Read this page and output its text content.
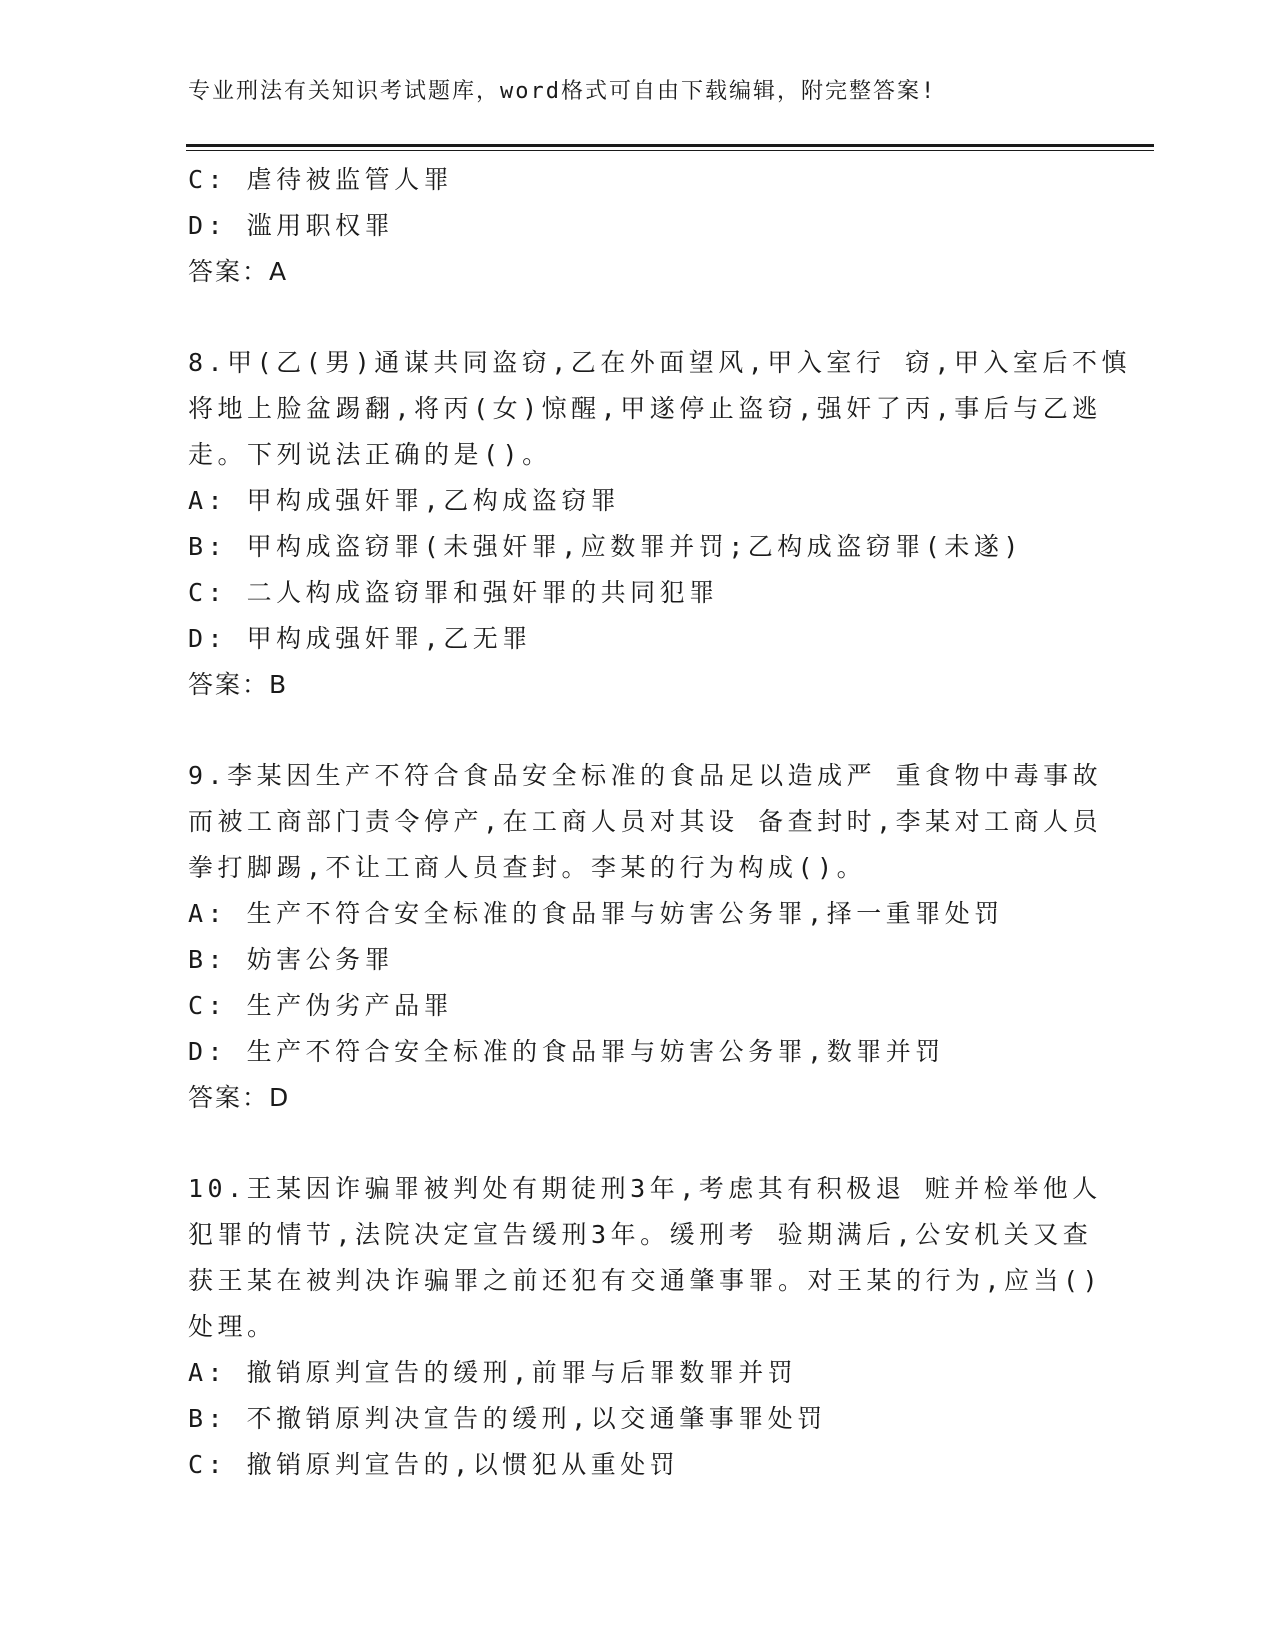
专业刑法有关知识考试题库，word格式可自由下载编辑，附完整答案!
C: 虐待被监管人罪
D: 滥用职权罪
答案：A
8.甲(乙(男)通谋共同盗窃,乙在外面望风,甲入室行 窃,甲入室后不慎
将地上脸盆踢翻,将丙(女)惊醒,甲遂停止盗窃,强奸了丙,事后与乙逃
走。下列说法正确的是()。
A: 甲构成强奸罪,乙构成盗窃罪
B: 甲构成盗窃罪(未强奸罪,应数罪并罚;乙构成盗窃罪(未遂)
C: 二人构成盗窃罪和强奸罪的共同犯罪
D: 甲构成强奸罪,乙无罪
答案：B
9.李某因生产不符合食品安全标准的食品足以造成严 重食物中毒事故
而被工商部门责令停产,在工商人员对其设 备查封时,李某对工商人员
拳打脚踢,不让工商人员查封。李某的行为构成()。
A: 生产不符合安全标准的食品罪与妨害公务罪,择一重罪处罚
B: 妨害公务罪
C: 生产伪劣产品罪
D: 生产不符合安全标准的食品罪与妨害公务罪,数罪并罚
答案：D
10.王某因诈骗罪被判处有期徒刑3年,考虑其有积极退 赃并检举他人
犯罪的情节,法院决定宣告缓刑3年。缓刑考 验期满后,公安机关又查
获王某在被判决诈骗罪之前还犯有交通肇事罪。对王某的行为,应当()
处理。
A: 撤销原判宣告的缓刑,前罪与后罪数罪并罚
B: 不撤销原判决宣告的缓刑,以交通肇事罪处罚
C: 撤销原判宣告的,以惯犯从重处罚
